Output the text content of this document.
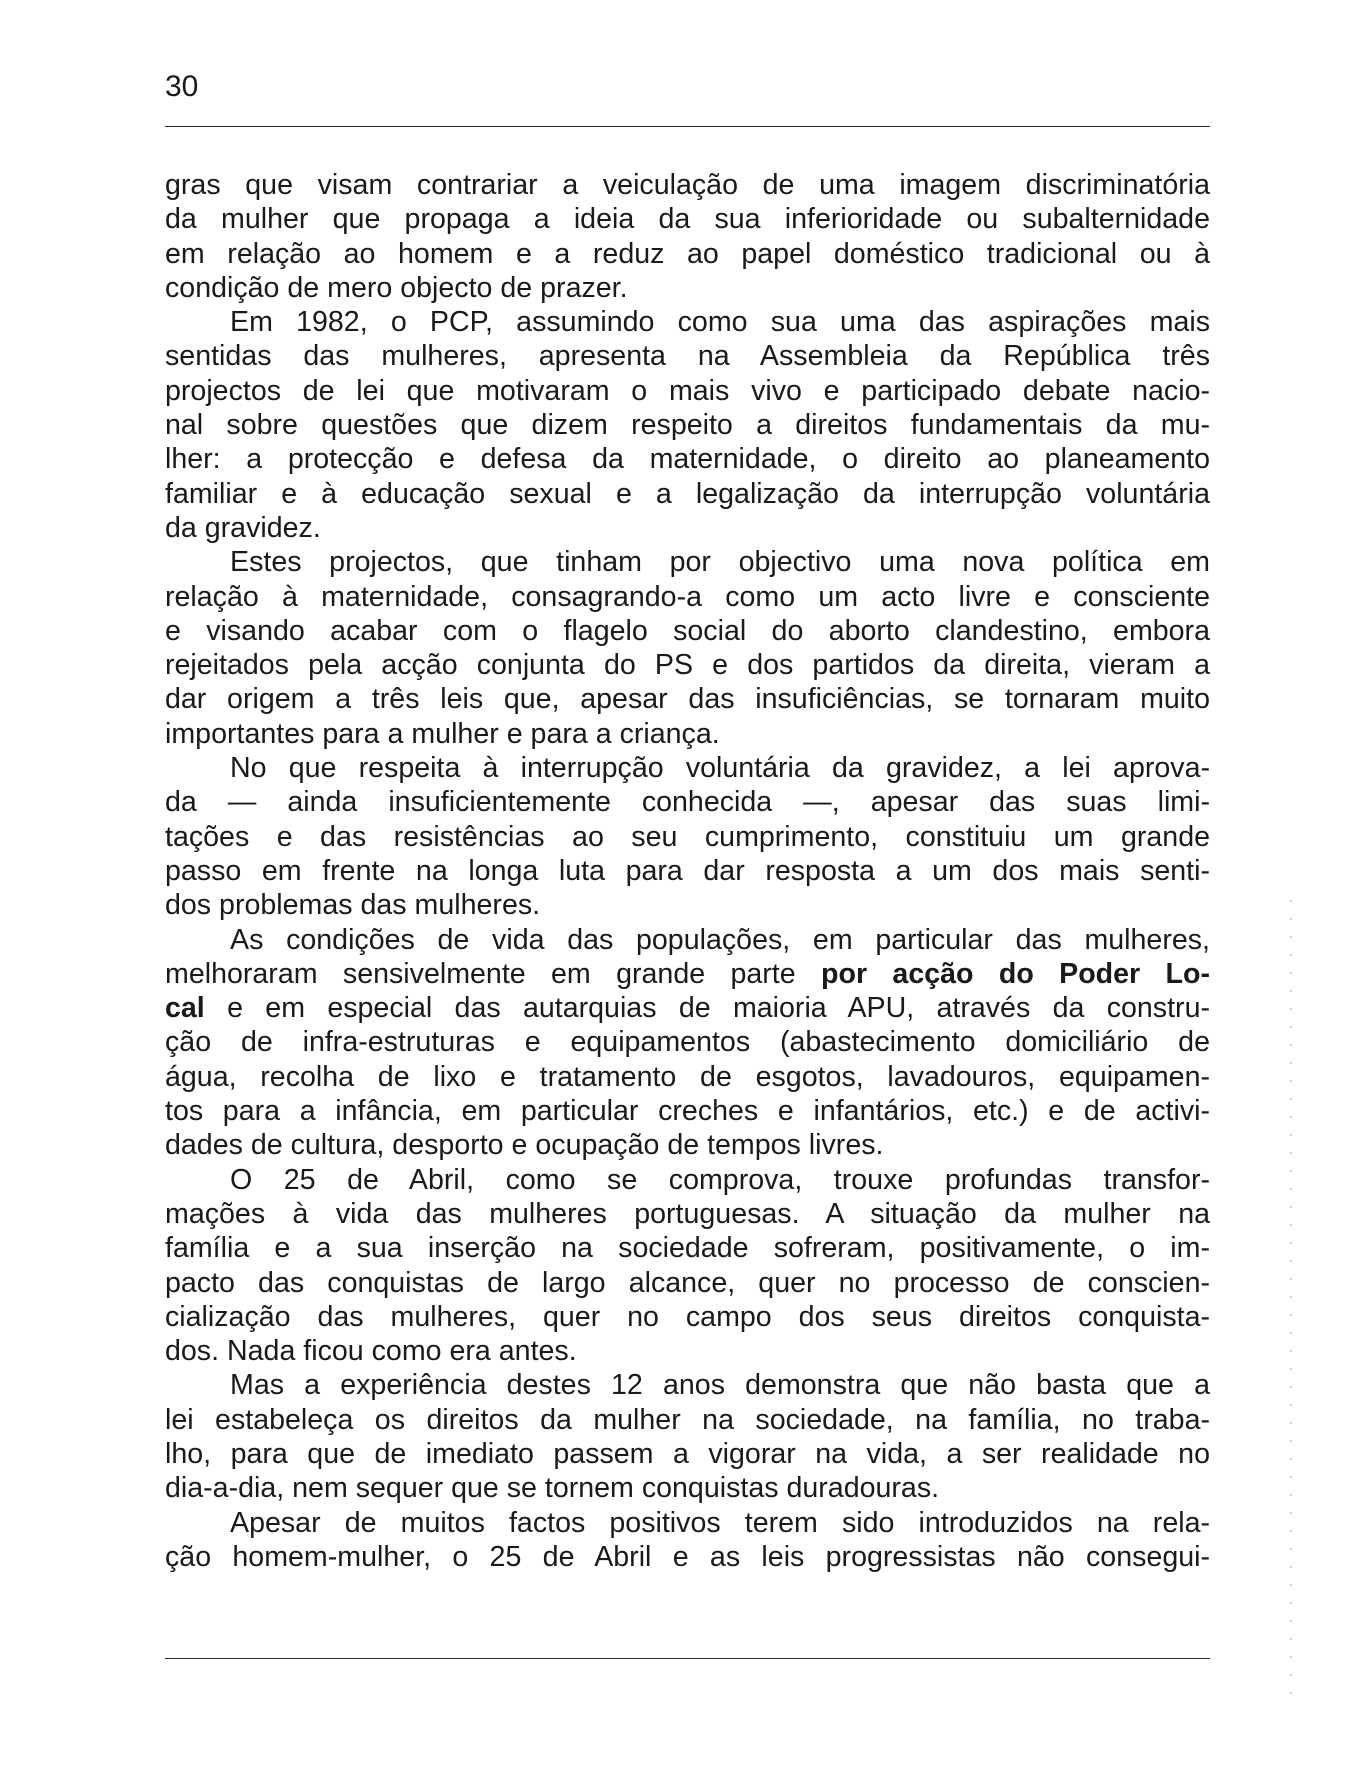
30
gras que visam contrariar a veiculação de uma imagem discriminatória
da mulher que propaga a ideia da sua inferioridade ou subalternidade
em relação ao homem e a reduz ao papel doméstico tradicional ou à
condição de mero objecto de prazer.
Em 1982, o PCP, assumindo como sua uma das aspirações mais
sentidas das mulheres, apresenta na Assembleia da República três
projectos de lei que motivaram o mais vivo e participado debate nacio-
nal sobre questões que dizem respeito a direitos fundamentais da mu-
lher: a protecção e defesa da maternidade, o direito ao planeamento
familiar e à educação sexual e a legalização da interrupção voluntária
da gravidez.
Estes projectos, que tinham por objectivo uma nova política em
relação à maternidade, consagrando-a como um acto livre e consciente
e visando acabar com o flagelo social do aborto clandestino, embora
rejeitados pela acção conjunta do PS e dos partidos da direita, vieram a
dar origem a três leis que, apesar das insuficiências, se tornaram muito
importantes para a mulher e para a criança.
No que respeita à interrupção voluntária da gravidez, a lei aprova-
da — ainda insuficientemente conhecida —, apesar das suas limi-
tações e das resistências ao seu cumprimento, constituiu um grande
passo em frente na longa luta para dar resposta a um dos mais senti-
dos problemas das mulheres.
As condições de vida das populações, em particular das mulheres,
melhoraram sensivelmente em grande parte por acção do Poder Lo-
cal e em especial das autarquias de maioria APU, através da constru-
ção de infra-estruturas e equipamentos (abastecimento domiciliário de
água, recolha de lixo e tratamento de esgotos, lavadouros, equipamen-
tos para a infância, em particular creches e infantários, etc.) e de activi-
dades de cultura, desporto e ocupação de tempos livres.
O 25 de Abril, como se comprova, trouxe profundas transfor-
mações à vida das mulheres portuguesas. A situação da mulher na
família e a sua inserção na sociedade sofreram, positivamente, o im-
pacto das conquistas de largo alcance, quer no processo de conscien-
cialização das mulheres, quer no campo dos seus direitos conquista-
dos. Nada ficou como era antes.
Mas a experiência destes 12 anos demonstra que não basta que a
lei estabeleça os direitos da mulher na sociedade, na família, no traba-
lho, para que de imediato passem a vigorar na vida, a ser realidade no
dia-a-dia, nem sequer que se tornem conquistas duradouras.
Apesar de muitos factos positivos terem sido introduzidos na rela-
ção homem-mulher, o 25 de Abril e as leis progressistas não consegui-
